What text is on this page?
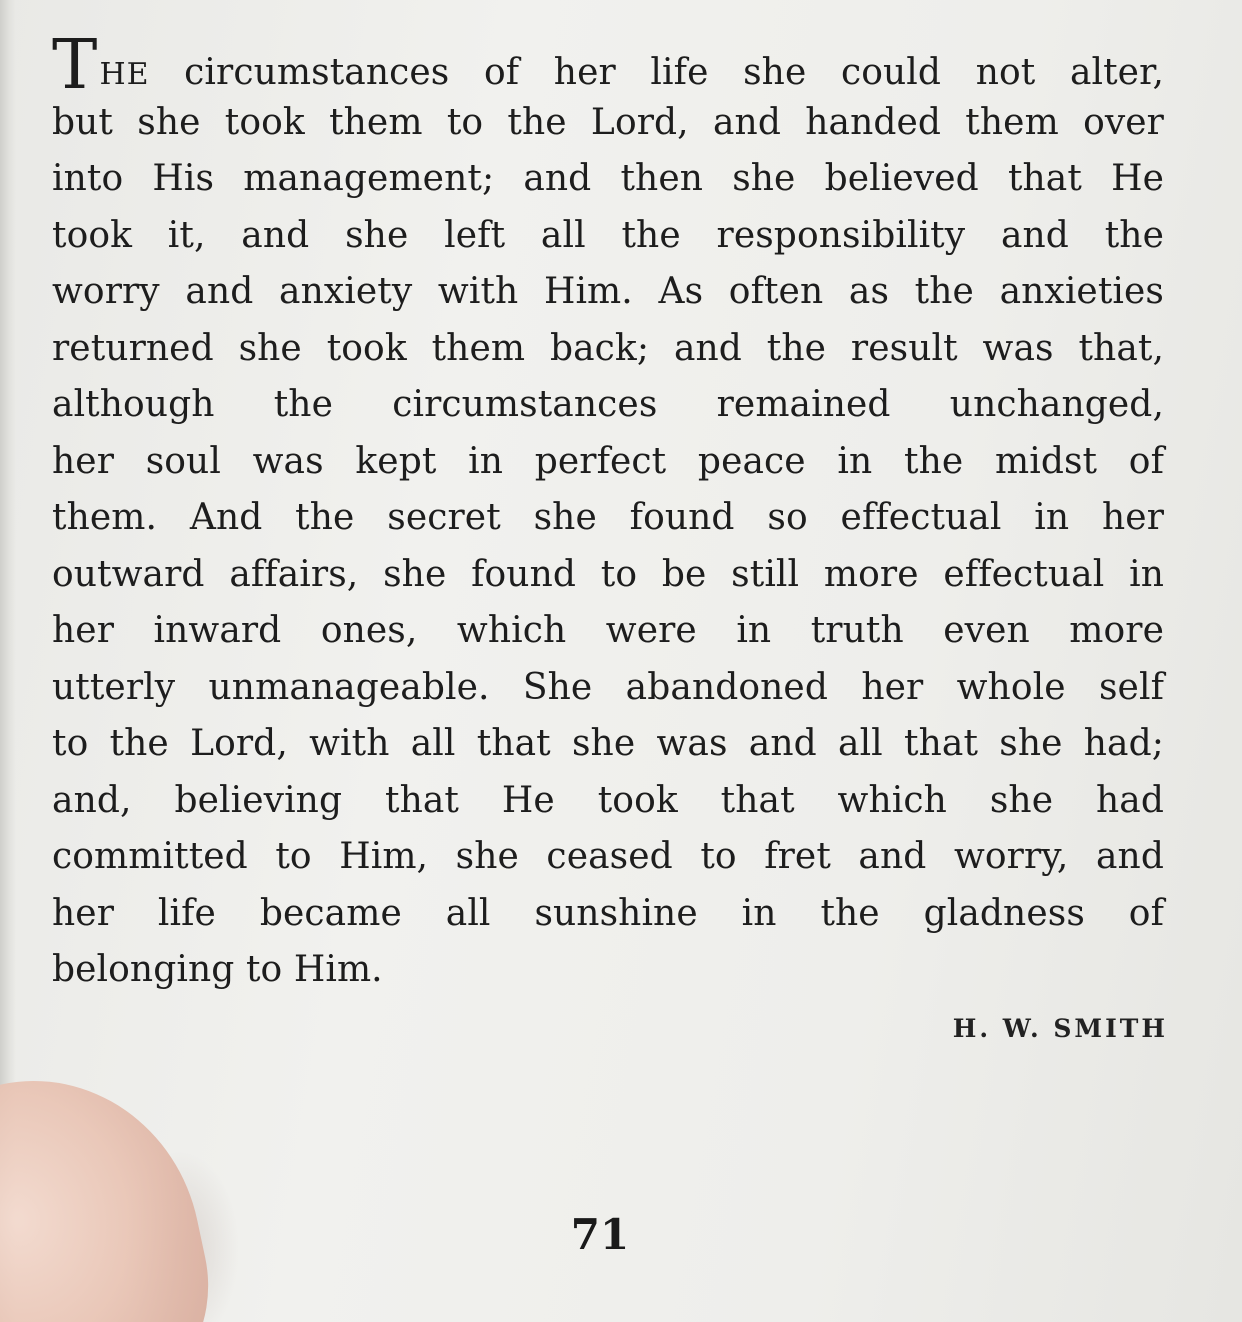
THE circumstances of her life she could not alter,
but she took them to the Lord, and handed them over
into His management; and then she believed that He
took it, and she left all the responsibility and the
worry and anxiety with Him. As often as the anxieties
returned she took them back; and the result was that,
although the circumstances remained unchanged,
her soul was kept in perfect peace in the midst of
them. And the secret she found so effectual in her
outward affairs, she found to be still more effectual in
her inward ones, which were in truth even more
utterly unmanageable. She abandoned her whole self
to the Lord, with all that she was and all that she had;
and, believing that He took that which she had
committed to Him, she ceased to fret and worry, and
her life became all sunshine in the gladness of
belonging to Him.
H. W. SMITH
71
